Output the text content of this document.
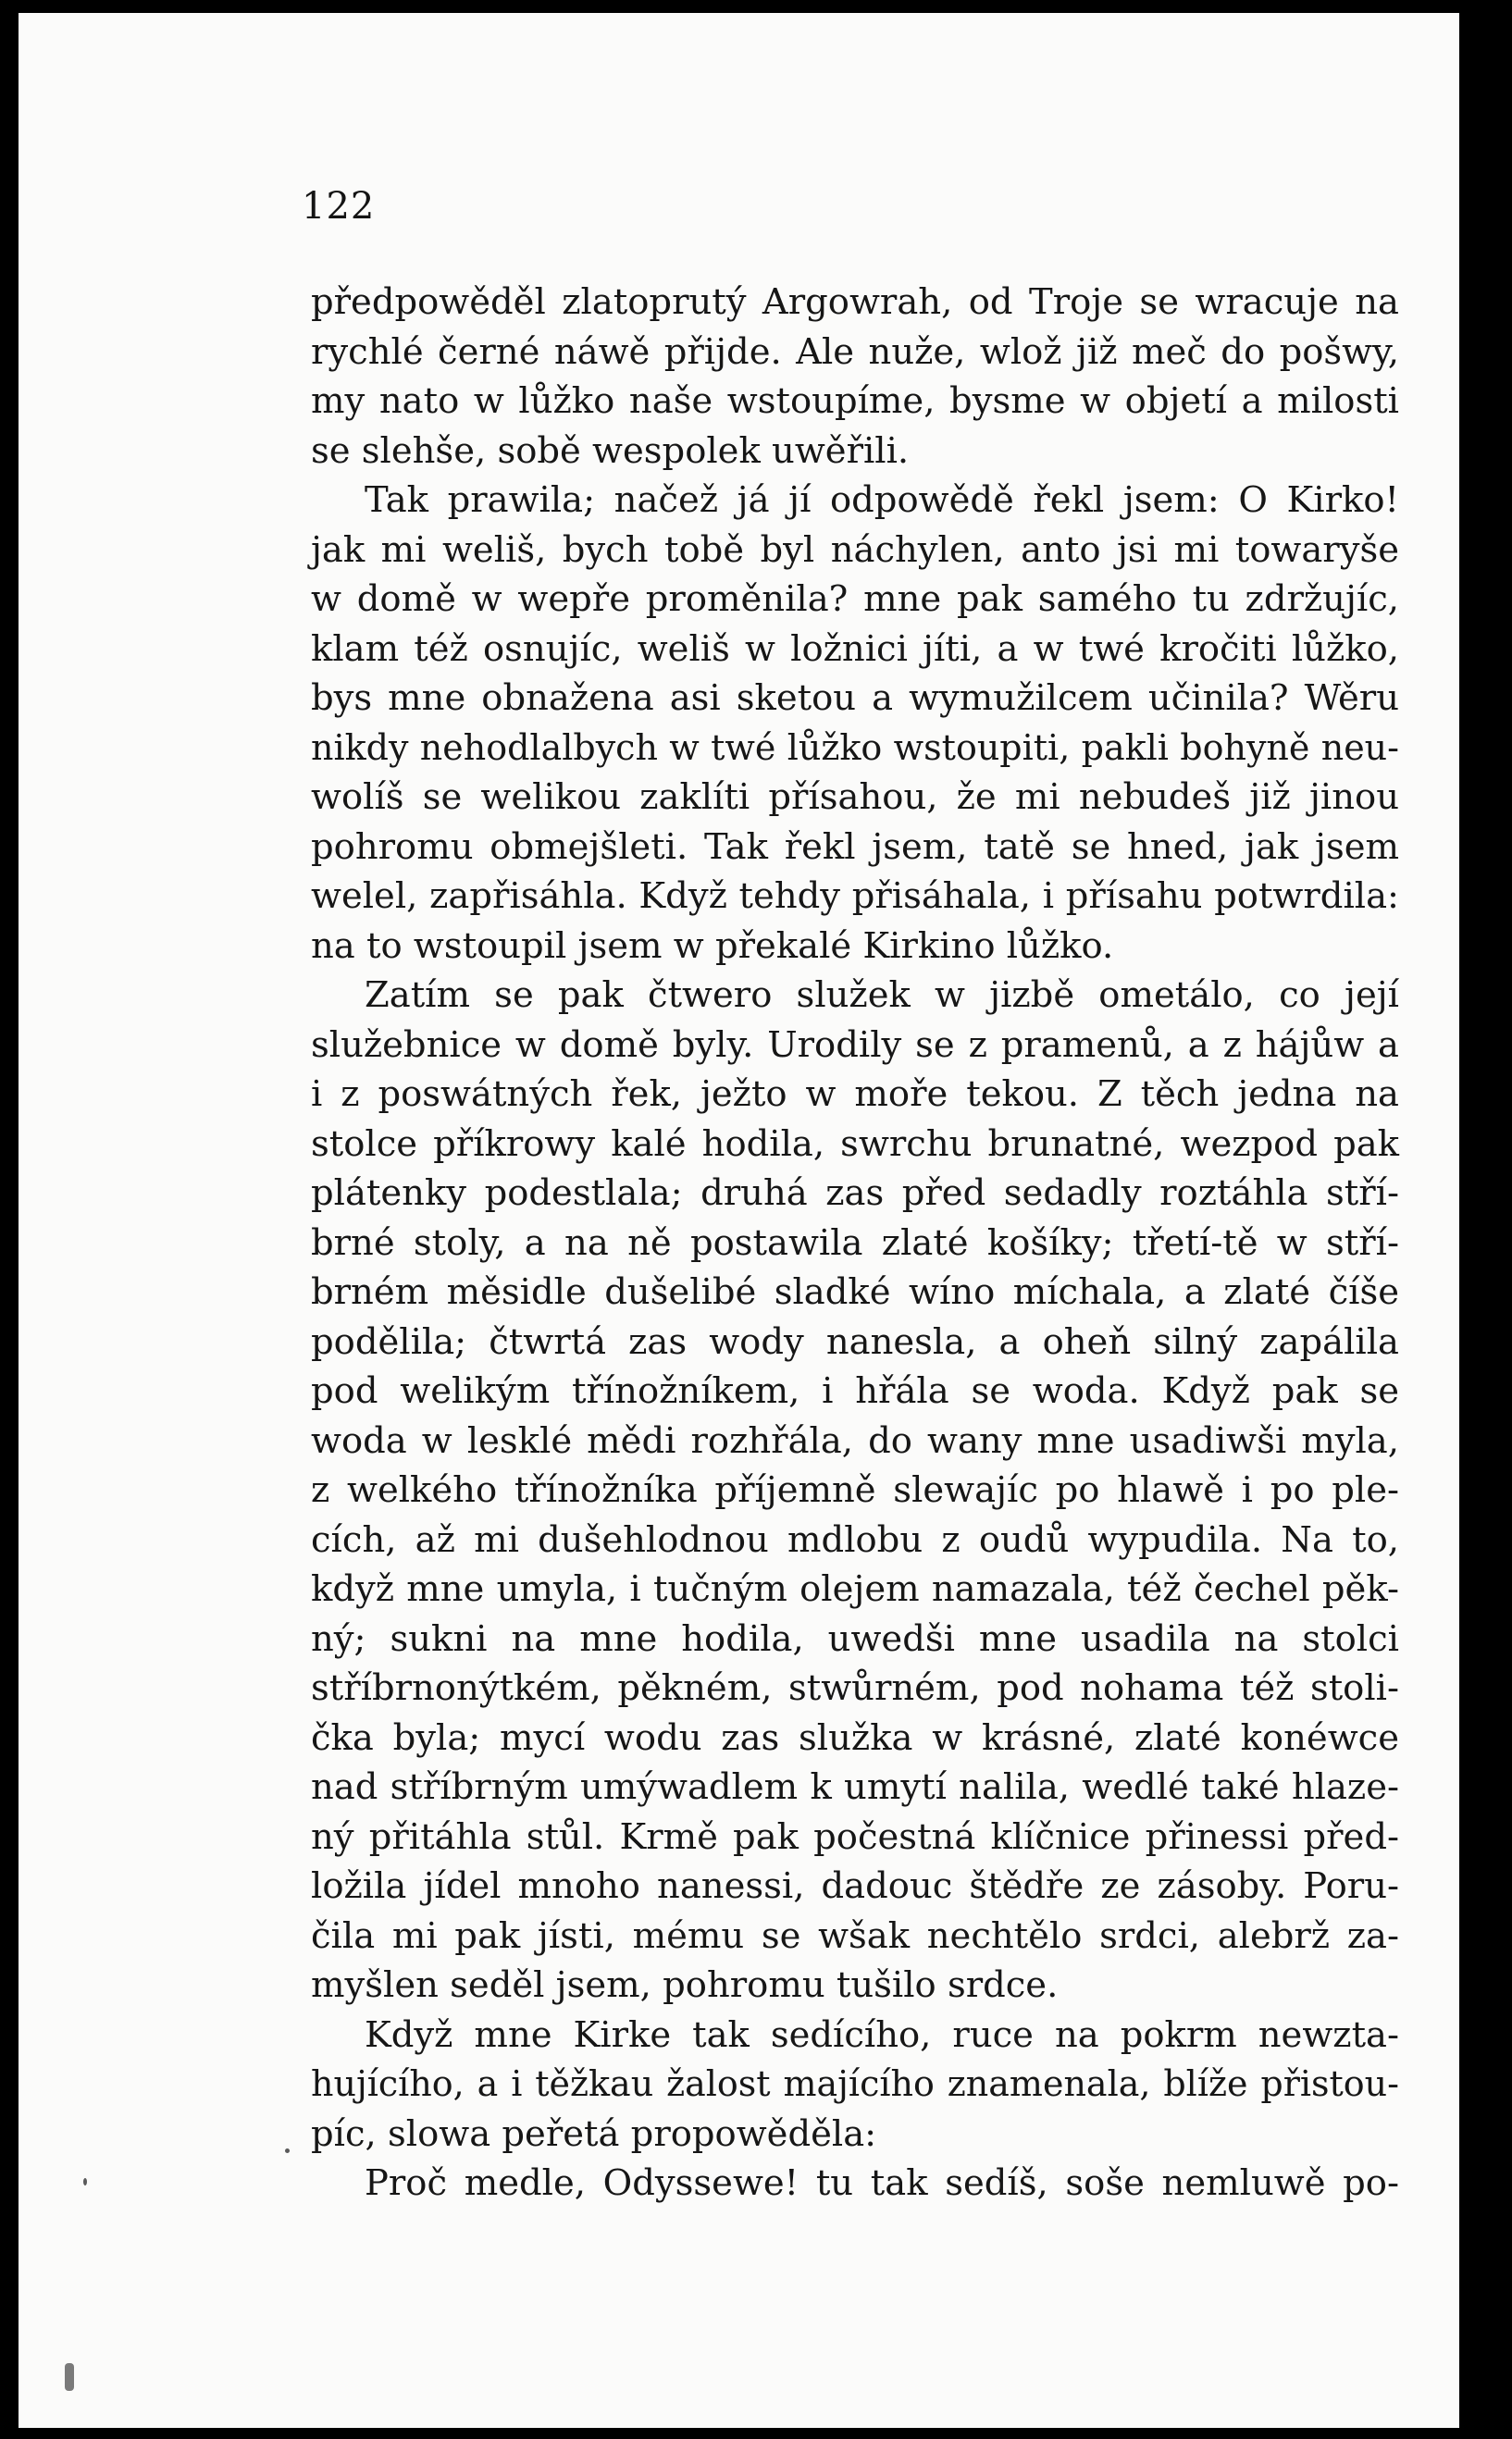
122
předpowěděl zlatoprutý Argowrah, od Troje se wracuje na
rychlé černé náwě přijde. Ale nuže, wlož již meč do pošwy,
my nato w lůžko naše wstoupíme, bysme w objetí a milosti
se slehše, sobě wespolek uwěřili.
Tak prawila; načež já jí odpowědě řekl jsem: O Kirko!
jak mi weliš, bych tobě byl náchylen, anto jsi mi towaryše
w domě w wepře proměnila? mne pak samého tu zdržujíc,
klam též osnujíc, weliš w ložnici jíti, a w twé kročiti lůžko,
bys mne obnažena asi sketou a wymužilcem učinila? Wěru
nikdy nehodlalbych w twé lůžko wstoupiti, pakli bohyně neu-
wolíš se welikou zaklíti přísahou, že mi nebudeš již jinou
pohromu obmejšleti. Tak řekl jsem, tatě se hned, jak jsem
welel, zapřisáhla. Když tehdy přisáhala, i přísahu potwrdila:
na to wstoupil jsem w překalé Kirkino lůžko.
Zatím se pak čtwero služek w jizbě ometálo, co její
služebnice w domě byly. Urodily se z pramenů, a z hájůw a
i z poswátných řek, ježto w moře tekou. Z těch jedna na
stolce příkrowy kalé hodila, swrchu brunatné, wezpod pak
plátenky podestlala; druhá zas před sedadly roztáhla stří-
brné stoly, a na ně postawila zlaté košíky; třetí-tě w stří-
brném měsidle dušelibé sladké wíno míchala, a zlaté číše
podělila; čtwrtá zas wody nanesla, a oheň silný zapálila
pod welikým třínožníkem, i hřála se woda. Když pak se
woda w lesklé mědi rozhřála, do wany mne usadiwši myla,
z welkého třínožníka příjemně slewajíc po hlawě i po ple-
cích, až mi dušehlodnou mdlobu z oudů wypudila. Na to,
když mne umyla, i tučným olejem namazala, též čechel pěk-
ný; sukni na mne hodila, uwedši mne usadila na stolci
stříbrnonýtkém, pěkném, stwůrném, pod nohama též stoli-
čka byla; mycí wodu zas služka w krásné, zlaté konéwce
nad stříbrným umýwadlem k umytí nalila, wedlé také hlaze-
ný přitáhla stůl. Krmě pak počestná klíčnice přinessi před-
ložila jídel mnoho nanessi, dadouc štědře ze zásoby. Poru-
čila mi pak jísti, mému se wšak nechtělo srdci, alebrž za-
myšlen seděl jsem, pohromu tušilo srdce.
Když mne Kirke tak sedícího, ruce na pokrm newzta-
hujícího, a i těžkau žalost majícího znamenala, blíže přistou-
píc, slowa peřetá propowěděla:
Proč medle, Odyssewe! tu tak sedíš, soše nemluwě po-
